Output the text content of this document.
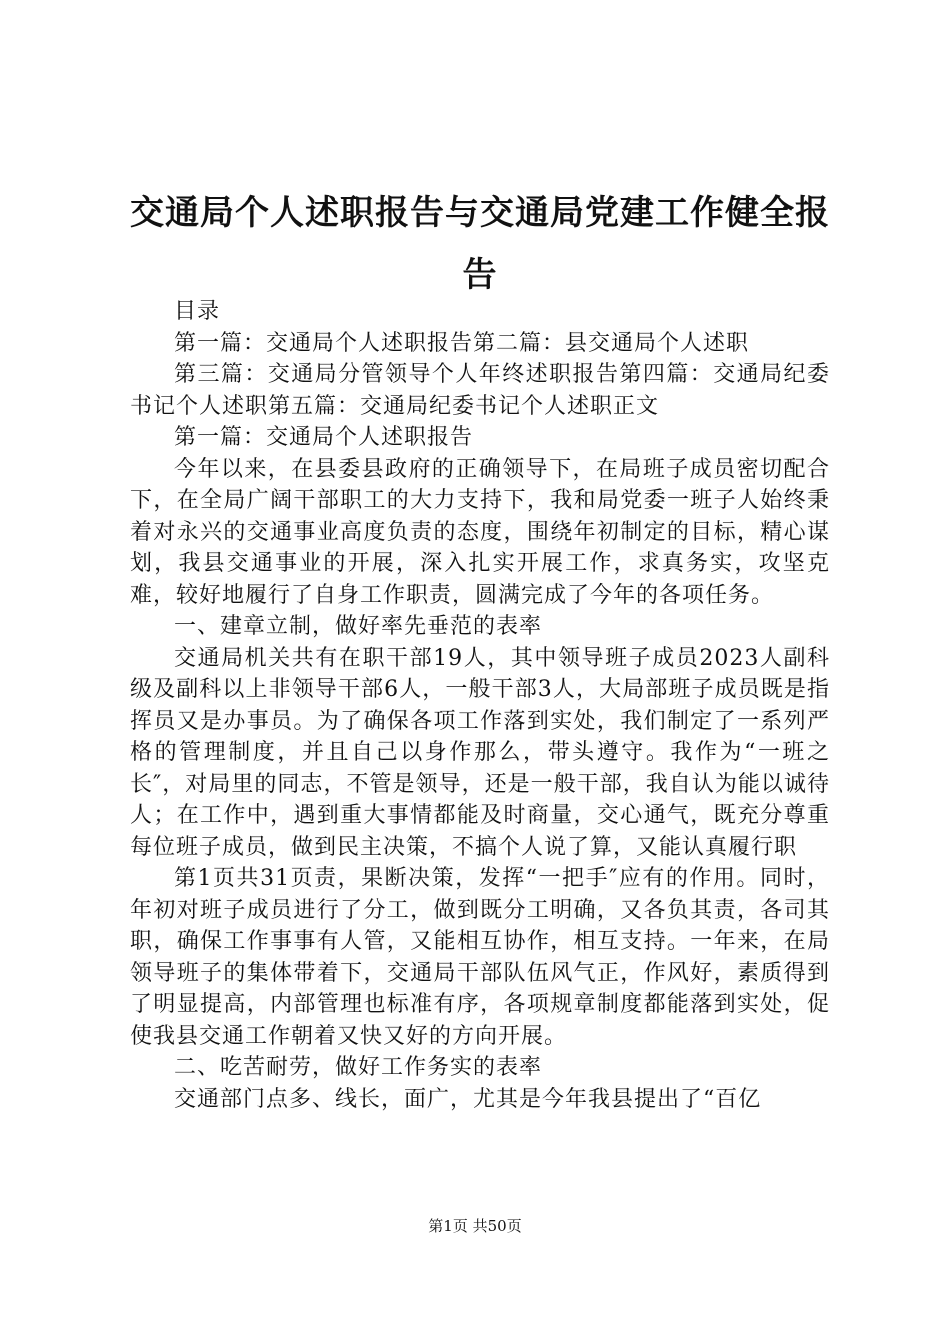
交通局个人述职报告与交通局党建工作健全报告

目录

第一篇：交通局个人述职报告第二篇：县交通局个人述职

第三篇：交通局分管领导个人年终述职报告第四篇：交通局纪委书记个人述职第五篇：交通局纪委书记个人述职正文

第一篇：交通局个人述职报告

今年以来，在县委县政府的正确领导下，在局班子成员密切配合下，在全局广阔干部职工的大力支持下，我和局党委一班子人始终秉着对永兴的交通事业高度负责的态度，围绕年初制定的目标，精心谋划，我县交通事业的开展，深入扎实开展工作，求真务实，攻坚克难，较好地履行了自身工作职责，圆满完成了今年的各项任务。

一、建章立制，做好率先垂范的表率

交通局机关共有在职干部19人，其中领导班子成员2023人副科级及副科以上非领导干部6人，一般干部3人，大局部班子成员既是指挥员又是办事员。为了确保各项工作落到实处，我们制定了一系列严格的管理制度，并且自己以身作那么，带头遵守。我作为“一班之长″，对局里的同志，不管是领导，还是一般干部，我自认为能以诚待人；在工作中，遇到重大事情都能及时商量，交心通气，既充分尊重每位班子成员，做到民主决策，不搞个人说了算，又能认真履行职

第1页共31页责，果断决策，发挥“一把手″应有的作用。同时，年初对班子成员进行了分工，做到既分工明确，又各负其责，各司其职，确保工作事事有人管，又能相互协作，相互支持。一年来，在局领导班子的集体带着下，交通局干部队伍风气正，作风好，素质得到了明显提高，内部管理也标准有序，各项规章制度都能落到实处，促使我县交通工作朝着又快又好的方向开展。

二、吃苦耐劳，做好工作务实的表率

交通部门点多、线长，面广，尤其是今年我县提出了“百亿

第1页 共50页
